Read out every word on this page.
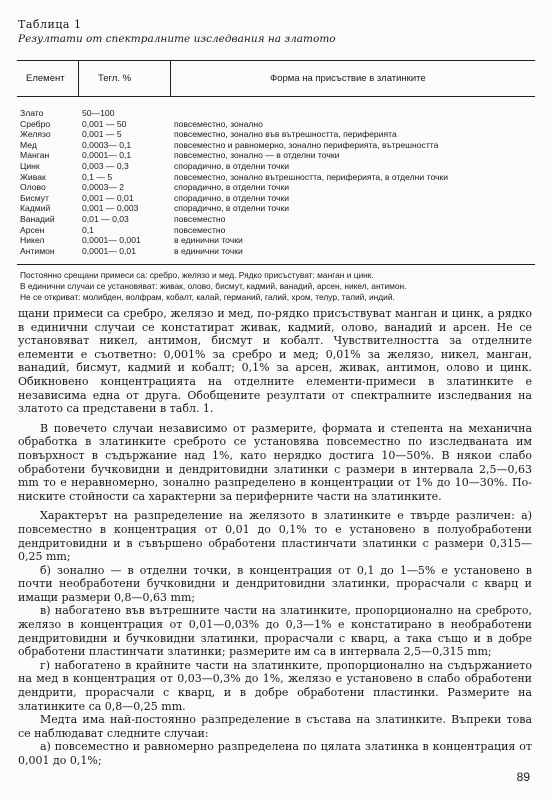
Таблица 1
Резултати от спектралните изследвания на златото
Елемент	Тегл. %	Форма на присъствие в златинките
Злато	50—100
Сребро	0,001 — 50	повсеместно, зонално
Желязо	0,001 — 5	повсеместно, зонално във вътрешността, периферията
Мед	0,0003— 0,1	повсеместно и равномерно, зонално периферията, вътрешността
Манган	0,0001— 0,1	повсеместно, зонално — в отделни точки
Цинк	0,003 — 0,3	спорадично, в отделни точки
Живак	0,1 — 5	повсеместно, зонално вътрешността, периферията, в отделни точки
Олово	0,0003— 2	спорадично, в отделни точки
Бисмут	0,001 — 0,01	спорадично, в отделни точки
Кадмий	0,001 — 0,003	спорадично, в отделни точки
Ванадий	0,01 — 0,03	повсеместно
Арсен	0,1	повсеместно
Никел	0,0001— 0,001	в единични точки
Антимон	0,0001— 0,01	в единични точки
Постоянно срещани примеси са: сребро, желязо и мед. Рядко присъстуват: манган и цинк.
В единични случаи се установяват: живак, олово, бисмут, кадмий, ванадий, арсен, никел, антимон.
Не се откриват: молибден, волфрам, кобалт, калай, германий, галий, хром, телур, талий, индий.

щани примеси са сребро, желязо и мед, по-рядко присъствуват манган и цинк, а рядко в единични случаи се констатират живак, кадмий, олово, ванадий и арсен. Не се установяват никел, антимон, бисмут и кобалт. Чувствителността за отделните елементи е съответно: 0,001% за сребро и мед; 0,01% за желязо, никел, манган, ванадий, бисмут, кадмий и кобалт; 0,1% за арсен, живак, антимон, олово и цинк. Обикновено концентрацията на отделните елементи-примеси в златинките е независима една от друга. Обобщените резултати от спектралните изследвания на златото са представени в табл. 1.

В повечето случаи независимо от размерите, формата и степента на механична обработка в златинките среброто се установява повсеместно по изследваната им повърхност в съдържание над 1%, като нерядко достига 10—50%. В някои слабо обработени бучковидни и дендритовидни златинки с размери в интервала 2,5—0,63 mm то е неравномерно, зонално разпределено в концентрации от 1% до 10—30%. По-ниските стойности са характерни за периферните части на златинките.

Характерът на разпределение на желязото в златинките е твърде различен: а) повсеместно в концентрация от 0,01 до 0,1% то е установено в полуобработени дендритовидни и в съвършено обработени пластинчати златинки с размери 0,315—0,25 mm;

б) зонално — в отделни точки, в концентрация от 0,1 до 1—5% е установено в почти необработени бучковидни и дендритовидни златинки, прорасчали с кварц и имащи размери 0,8—0,63 mm;

в) набогатено във вътрешните части на златинките, пропорционално на среброто, желязо в концентрация от 0,01—0,03% до 0,3—1% е констатирано в необработени дендритовидни и бучковидни златинки, прорасчали с кварц, а така също и в добре обработени пластинчати златинки; размерите им са в интервала 2,5—0,315 mm;

г) набогатено в крайните части на златинките, пропорционално на съдържанието на мед в концентрация от 0,03—0,3% до 1%, желязо е установено в слабо обработени дендрити, прорасчали с кварц, и в добре обработени пластинки. Размерите на златинките са 0,8—0,25 mm.

Медта има най-постоянно разпределение в състава на златинките. Въпреки това се наблюдават следните случаи:

а) повсеместно и равномерно разпределена по цялата златинка в концентрация от 0,001 до 0,1%;

89
